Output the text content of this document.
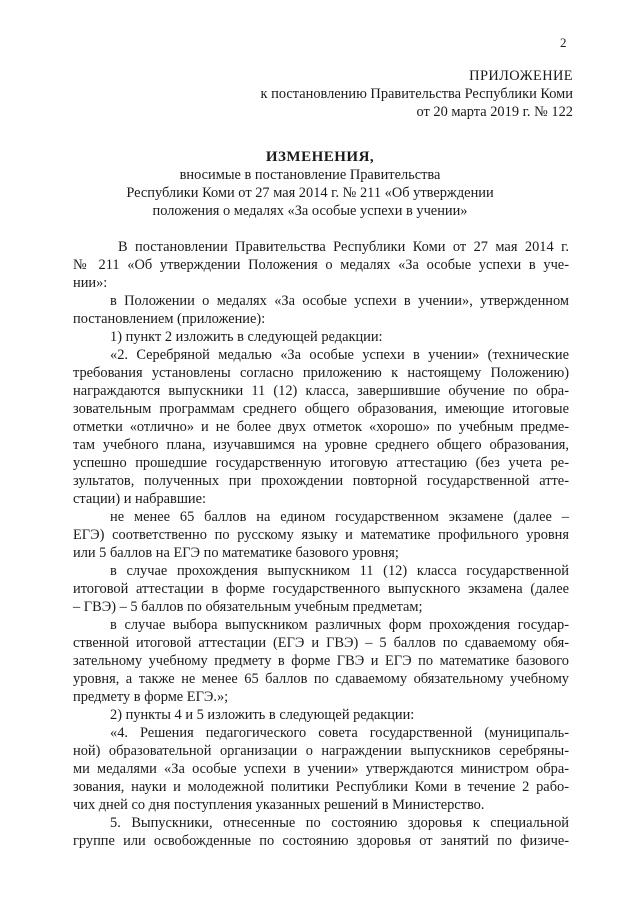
2
ПРИЛОЖЕНИЕ
к постановлению Правительства Республики Коми
от 20 марта 2019 г. № 122
ИЗМЕНЕНИЯ,
вносимые в постановление Правительства
Республики Коми от 27 мая 2014 г. № 211 «Об утверждении
положения о медалях «За особые успехи в учении»
В постановлении Правительства Республики Коми от 27 мая 2014 г.
№ 211 «Об утверждении Положения о медалях «За особые успехи в уче-
нии»:
в Положении о медалях «За особые успехи в учении», утвержденном
постановлением (приложение):
1) пункт 2 изложить в следующей редакции:
«2. Серебряной медалью «За особые успехи в учении» (технические
требования установлены согласно приложению к настоящему Положению)
награждаются выпускники 11 (12) класса, завершившие обучение по обра-
зовательным программам среднего общего образования, имеющие итоговые
отметки «отлично» и не более двух отметок «хорошо» по учебным предме-
там учебного плана, изучавшимся на уровне среднего общего образования,
успешно прошедшие государственную итоговую аттестацию (без учета ре-
зультатов, полученных при прохождении повторной государственной атте-
стации) и набравшие:
не менее 65 баллов на едином государственном экзамене (далее –
ЕГЭ) соответственно по русскому языку и математике профильного уровня
или 5 баллов на ЕГЭ по математике базового уровня;
в случае прохождения выпускником 11 (12) класса государственной
итоговой аттестации в форме государственного выпускного экзамена (далее
– ГВЭ) – 5 баллов по обязательным учебным предметам;
в случае выбора выпускником различных форм прохождения государ-
ственной итоговой аттестации (ЕГЭ и ГВЭ) – 5 баллов по сдаваемому обя-
зательному учебному предмету в форме ГВЭ и ЕГЭ по математике базового
уровня, а также не менее 65 баллов по сдаваемому обязательному учебному
предмету в форме ЕГЭ.»;
2) пункты 4 и 5 изложить в следующей редакции:
«4. Решения педагогического совета государственной (муниципаль-
ной) образовательной организации о награждении выпускников серебряны-
ми медалями «За особые успехи в учении» утверждаются министром обра-
зования, науки и молодежной политики Республики Коми в течение 2 рабо-
чих дней со дня поступления указанных решений в Министерство.
5. Выпускники, отнесенные по состоянию здоровья к специальной
группе или освобожденные по состоянию здоровья от занятий по физиче-
